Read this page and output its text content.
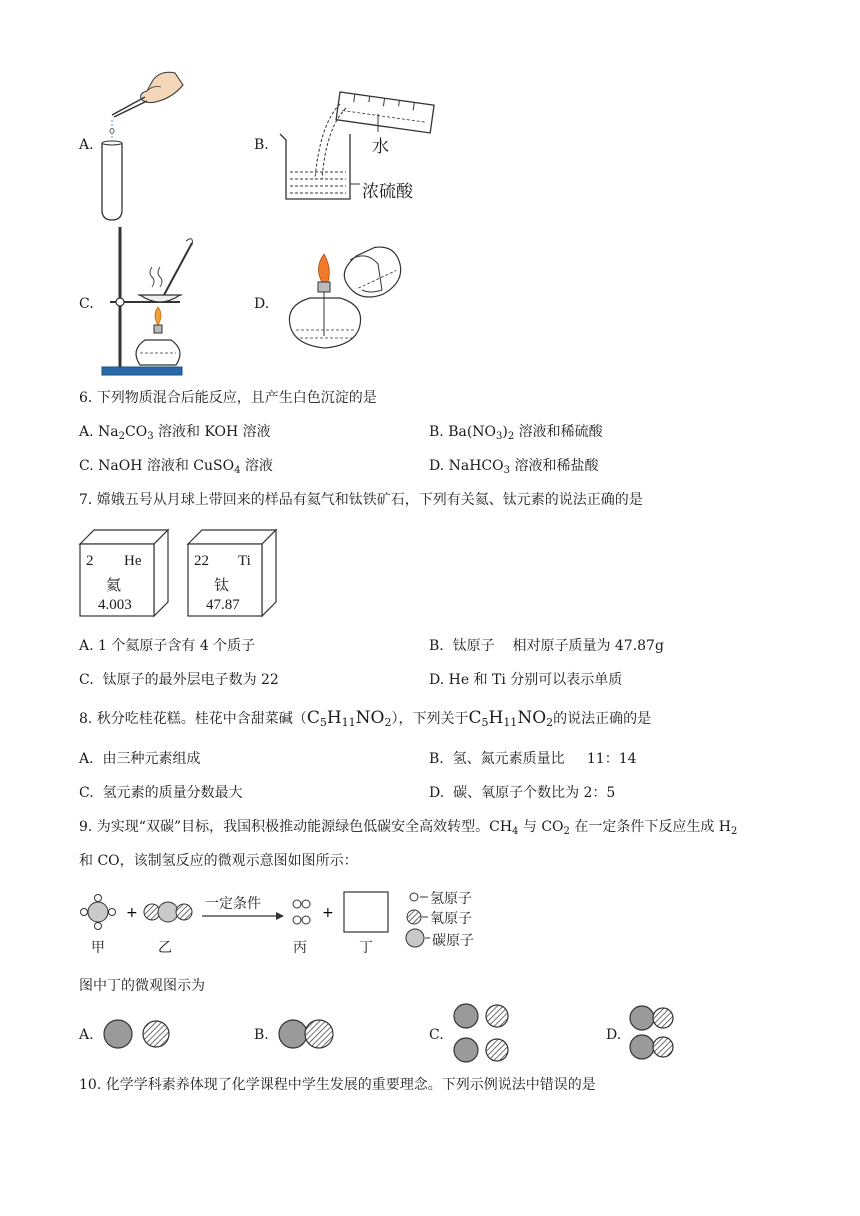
A.	B.	水
浓硫酸
C.	D.
6. 下列物质混合后能反应，且产生白色沉淀的是
A. $Na_2CO_3$ 溶液和 KOH 溶液	B. $Ba(NO_3)_2$ 溶液和稀硫酸
C. NaOH 溶液和 CuSO$_4$ 溶液	D. NaHCO$_3$ 溶液和稀盐酸
7. 嫦娥五号从月球上带回来的样品有氦气和钛铁矿石，下列有关氦、钛元素的说法正确的是
2 He
氦
4.003
22 Ti
钛
47.87
A. 1 个氦原子含有 4 个质子	B.  钛原子    相对原子质量为 47.87g
C.  钛原子的最外层电子数为 22	D. He 和 Ti 分别可以表示单质
8. 秋分吃桂花糕。桂花中含甜菜碱$(C_5H_{11}NO_2)$，下列关于$C_5H_{11}NO_2$的说法正确的是
A.  由三种元素组成	B.  氢、氮元素质量比     11：14
C.  氢元素的质量分数最大	D.  碳、氧原子个数比为 2：5
9. 为实现“双碳”目标，我国积极推动能源绿色低碳安全高效转型。$CH_4$ 与 $CO_2$ 在一定条件下反应生成 $H_2$
和 CO，该制氢反应的微观示意图如图所示：
+	+
一定条件
甲	乙	丙	丁
氢原子
氧原子
碳原子
图中丁的微观图示为
A.	B.	C.	D.
10. 化学学科素养体现了化学课程中学生发展的重要理念。下列示例说法中错误的是
